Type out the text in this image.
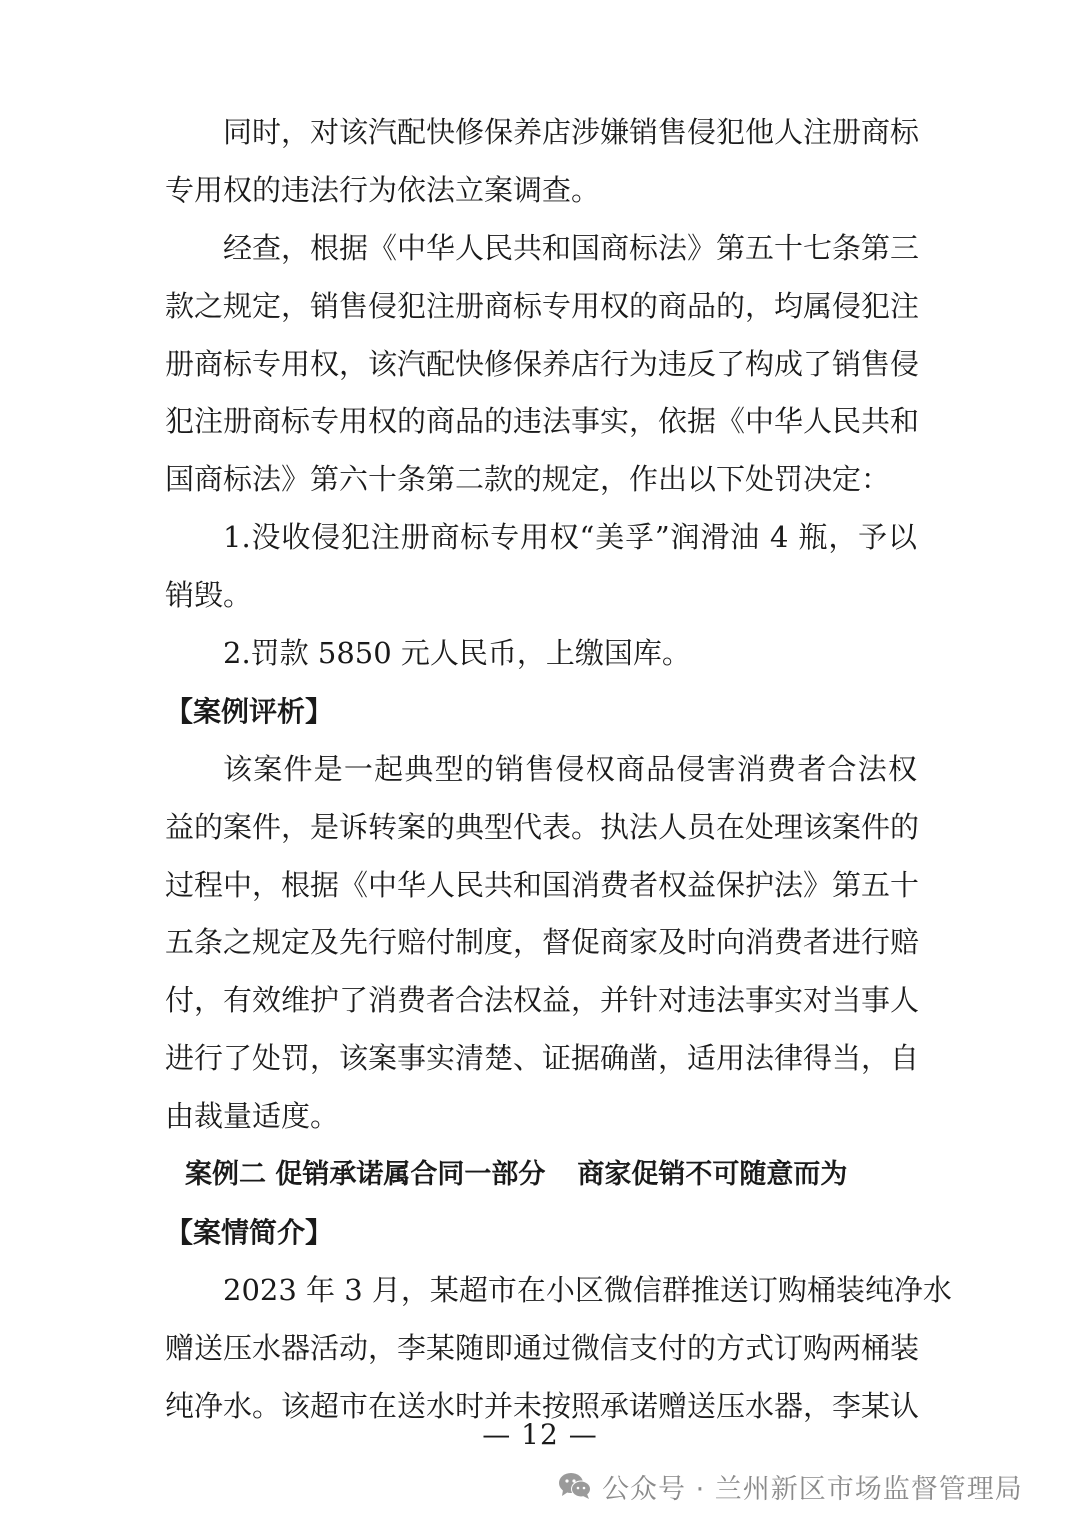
同时，对该汽配快修保养店涉嫌销售侵犯他人注册商标
专用权的违法行为依法立案调查。
经查，根据《中华人民共和国商标法》第五十七条第三
款之规定，销售侵犯注册商标专用权的商品的，均属侵犯注
册商标专用权，该汽配快修保养店行为违反了构成了销售侵
犯注册商标专用权的商品的违法事实，依据《中华人民共和
国商标法》第六十条第二款的规定，作出以下处罚决定：
1.没收侵犯注册商标专用权“美孚”润滑油 4 瓶，予以
销毁。
2.罚款 5850 元人民币，上缴国库。
【案例评析】
该案件是一起典型的销售侵权商品侵害消费者合法权
益的案件，是诉转案的典型代表。执法人员在处理该案件的
过程中，根据《中华人民共和国消费者权益保护法》第五十
五条之规定及先行赔付制度，督促商家及时向消费者进行赔
付，有效维护了消费者合法权益，并针对违法事实对当事人
进行了处罚，该案事实清楚、证据确凿，适用法律得当，自
由裁量适度。
案例二 促销承诺属合同一部分 商家促销不可随意而为
【案情简介】
2023 年 3 月，某超市在小区微信群推送订购桶装纯净水
赠送压水器活动，李某随即通过微信支付的方式订购两桶装
纯净水。该超市在送水时并未按照承诺赠送压水器，李某认
— 12 —
公众号 · 兰州新区市场监督管理局
